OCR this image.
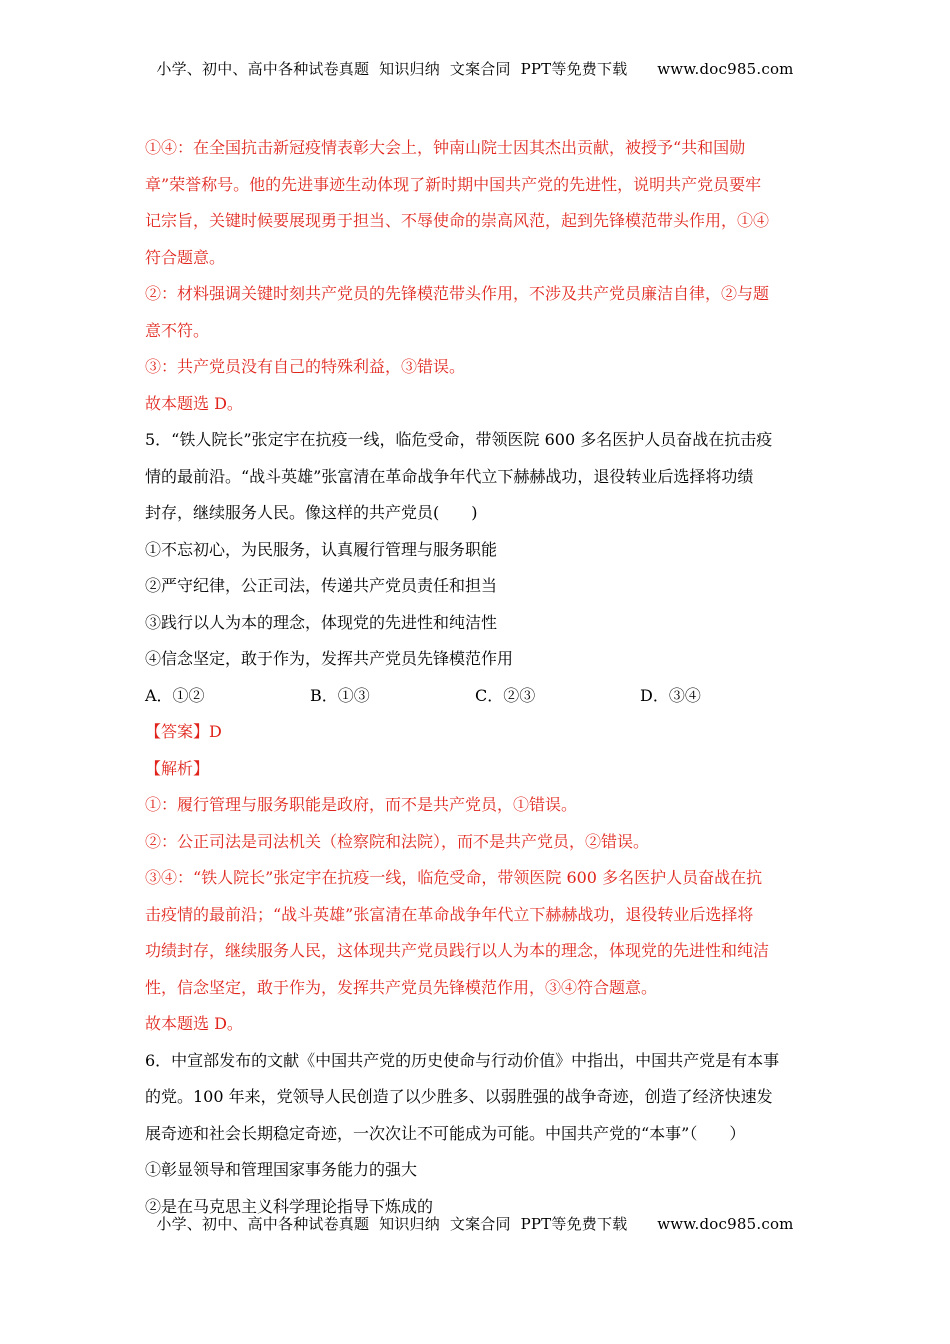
小学、初中、高中各种试卷真题  知识归纳  文案合同  PPT等免费下载      www.doc985.com
①④：在全国抗击新冠疫情表彰大会上，钟南山院士因其杰出贡献，被授予“共和国勋
章”荣誉称号。他的先进事迹生动体现了新时期中国共产党的先进性，说明共产党员要牢
记宗旨，关键时候要展现勇于担当、不辱使命的崇高风范，起到先锋模范带头作用，①④
符合题意。
②：材料强调关键时刻共产党员的先锋模范带头作用，不涉及共产党员廉洁自律，②与题
意不符。
③：共产党员没有自己的特殊利益，③错误。
故本题选 D。
5．“铁人院长”张定宇在抗疫一线，临危受命，带领医院 600 多名医护人员奋战在抗击疫
情的最前沿。“战斗英雄”张富清在革命战争年代立下赫赫战功，退役转业后选择将功绩
封存，继续服务人民。像这样的共产党员(　　)
①不忘初心，为民服务，认真履行管理与服务职能
②严守纪律，公正司法，传递共产党员责任和担当
③践行以人为本的理念，体现党的先进性和纯洁性
④信念坚定，敢于作为，发挥共产党员先锋模范作用
A．①②	B．①③	C．②③	D．③④
【答案】D
【解析】
①：履行管理与服务职能是政府，而不是共产党员，①错误。
②：公正司法是司法机关（检察院和法院），而不是共产党员，②错误。
③④：“铁人院长”张定宇在抗疫一线，临危受命，带领医院 600 多名医护人员奋战在抗
击疫情的最前沿；“战斗英雄”张富清在革命战争年代立下赫赫战功，退役转业后选择将
功绩封存，继续服务人民，这体现共产党员践行以人为本的理念，体现党的先进性和纯洁
性，信念坚定，敢于作为，发挥共产党员先锋模范作用，③④符合题意。
故本题选 D。
6．中宣部发布的文献《中国共产党的历史使命与行动价值》中指出，中国共产党是有本事
的党。100 年来，党领导人民创造了以少胜多、以弱胜强的战争奇迹，创造了经济快速发
展奇迹和社会长期稳定奇迹，一次次让不可能成为可能。中国共产党的“本事”（　　）
①彰显领导和管理国家事务能力的强大
②是在马克思主义科学理论指导下炼成的
小学、初中、高中各种试卷真题  知识归纳  文案合同  PPT等免费下载      www.doc985.com
